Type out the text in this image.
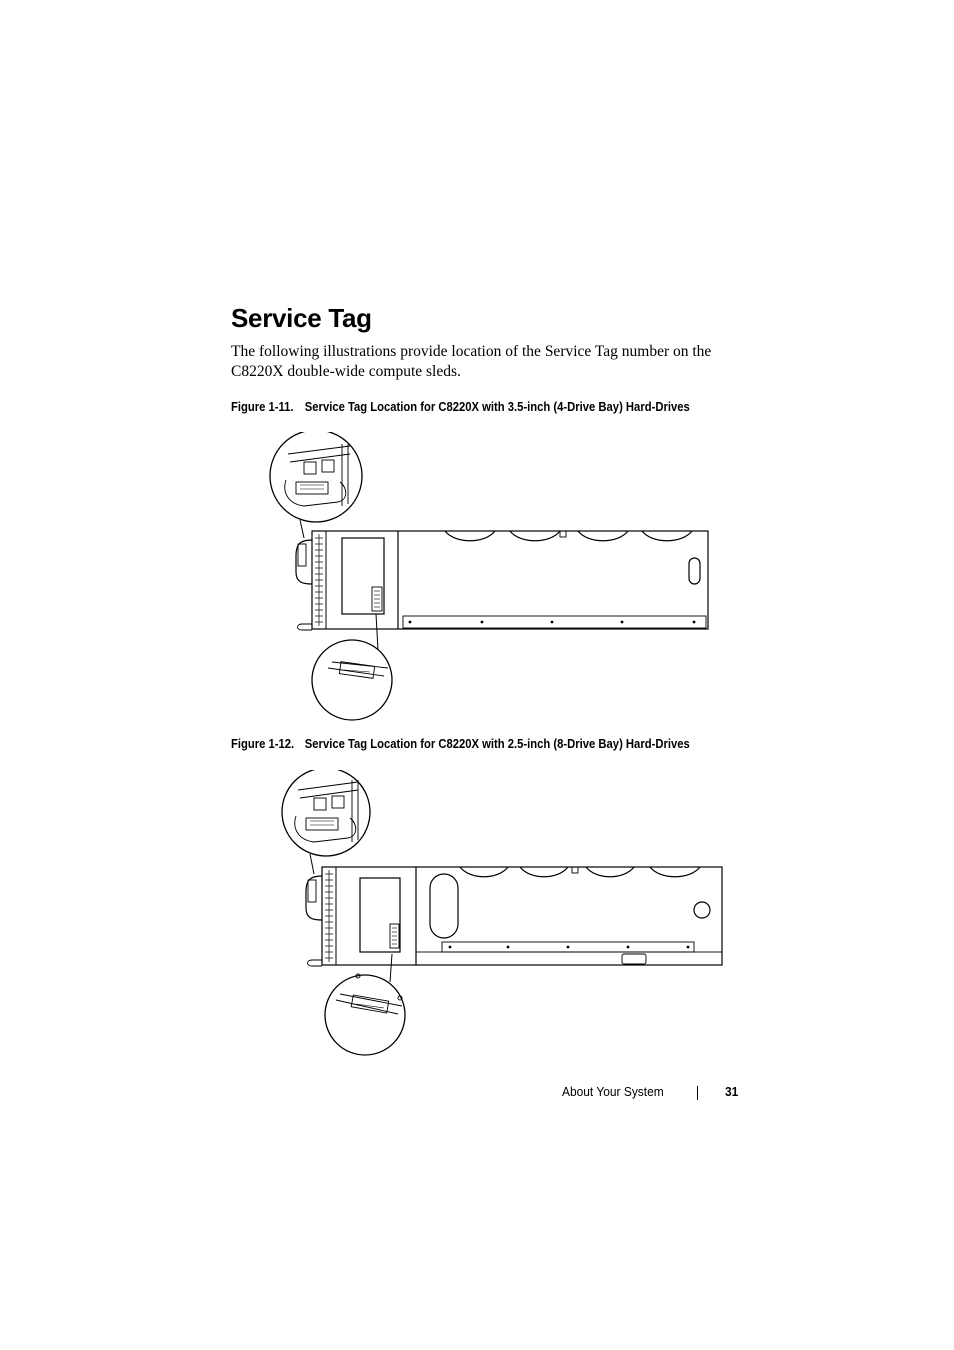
Service Tag
The following illustrations provide location of the Service Tag number on the C8220X double-wide compute sleds.
Figure 1-11. Service Tag Location for C8220X with 3.5-inch (4-Drive Bay) Hard-Drives
Figure 1-12. Service Tag Location for C8220X with 2.5-inch (8-Drive Bay) Hard-Drives
About Your System	31
